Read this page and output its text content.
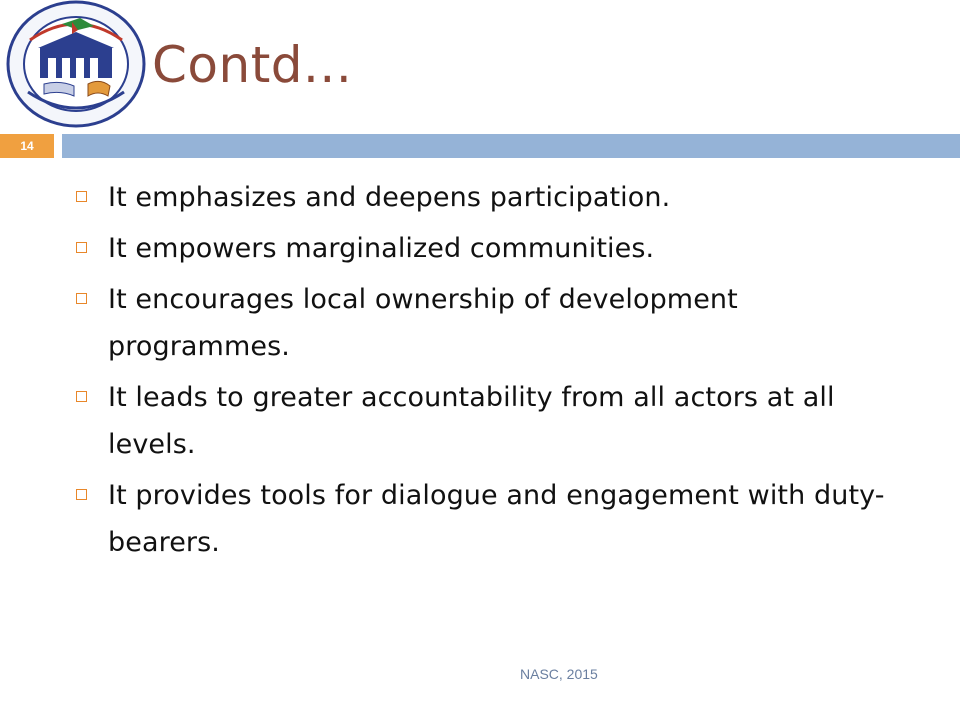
Contd...
14
It emphasizes and deepens participation.
It empowers marginalized communities.
It encourages local ownership of development programmes.
It leads to greater accountability from all actors at all levels.
It provides tools for dialogue and engagement with duty-bearers.
NASC, 2015
